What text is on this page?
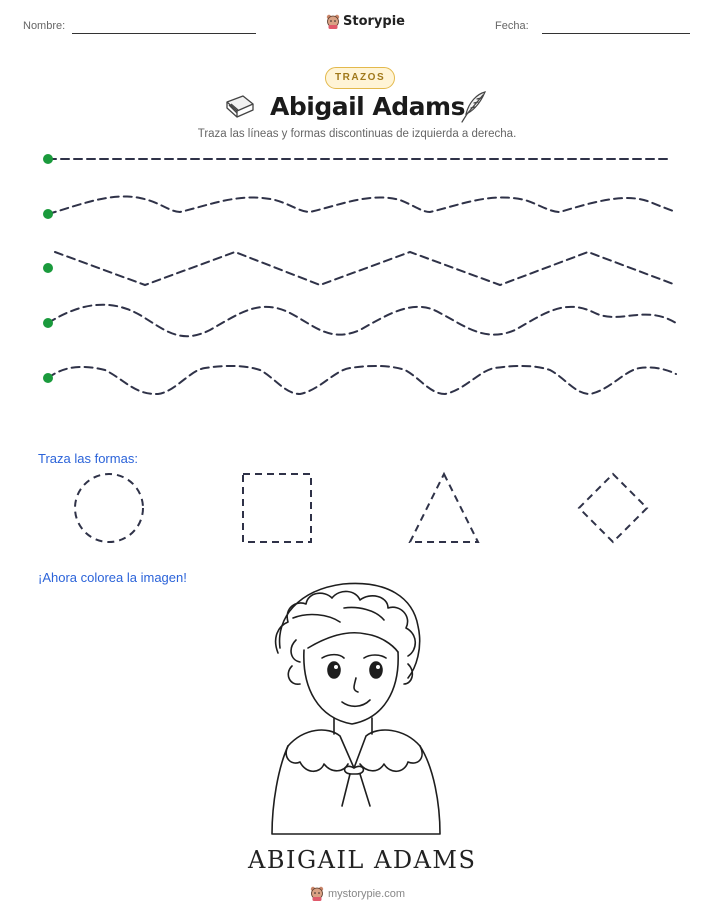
Nombre:	Storypie	Fecha:
TRAZOS
Abigail Adams
Traza las líneas y formas discontinuas de izquierda a derecha.
Traza las formas:
¡Ahora colorea la imagen!
ABIGAIL ADAMS
mystorypie.com
